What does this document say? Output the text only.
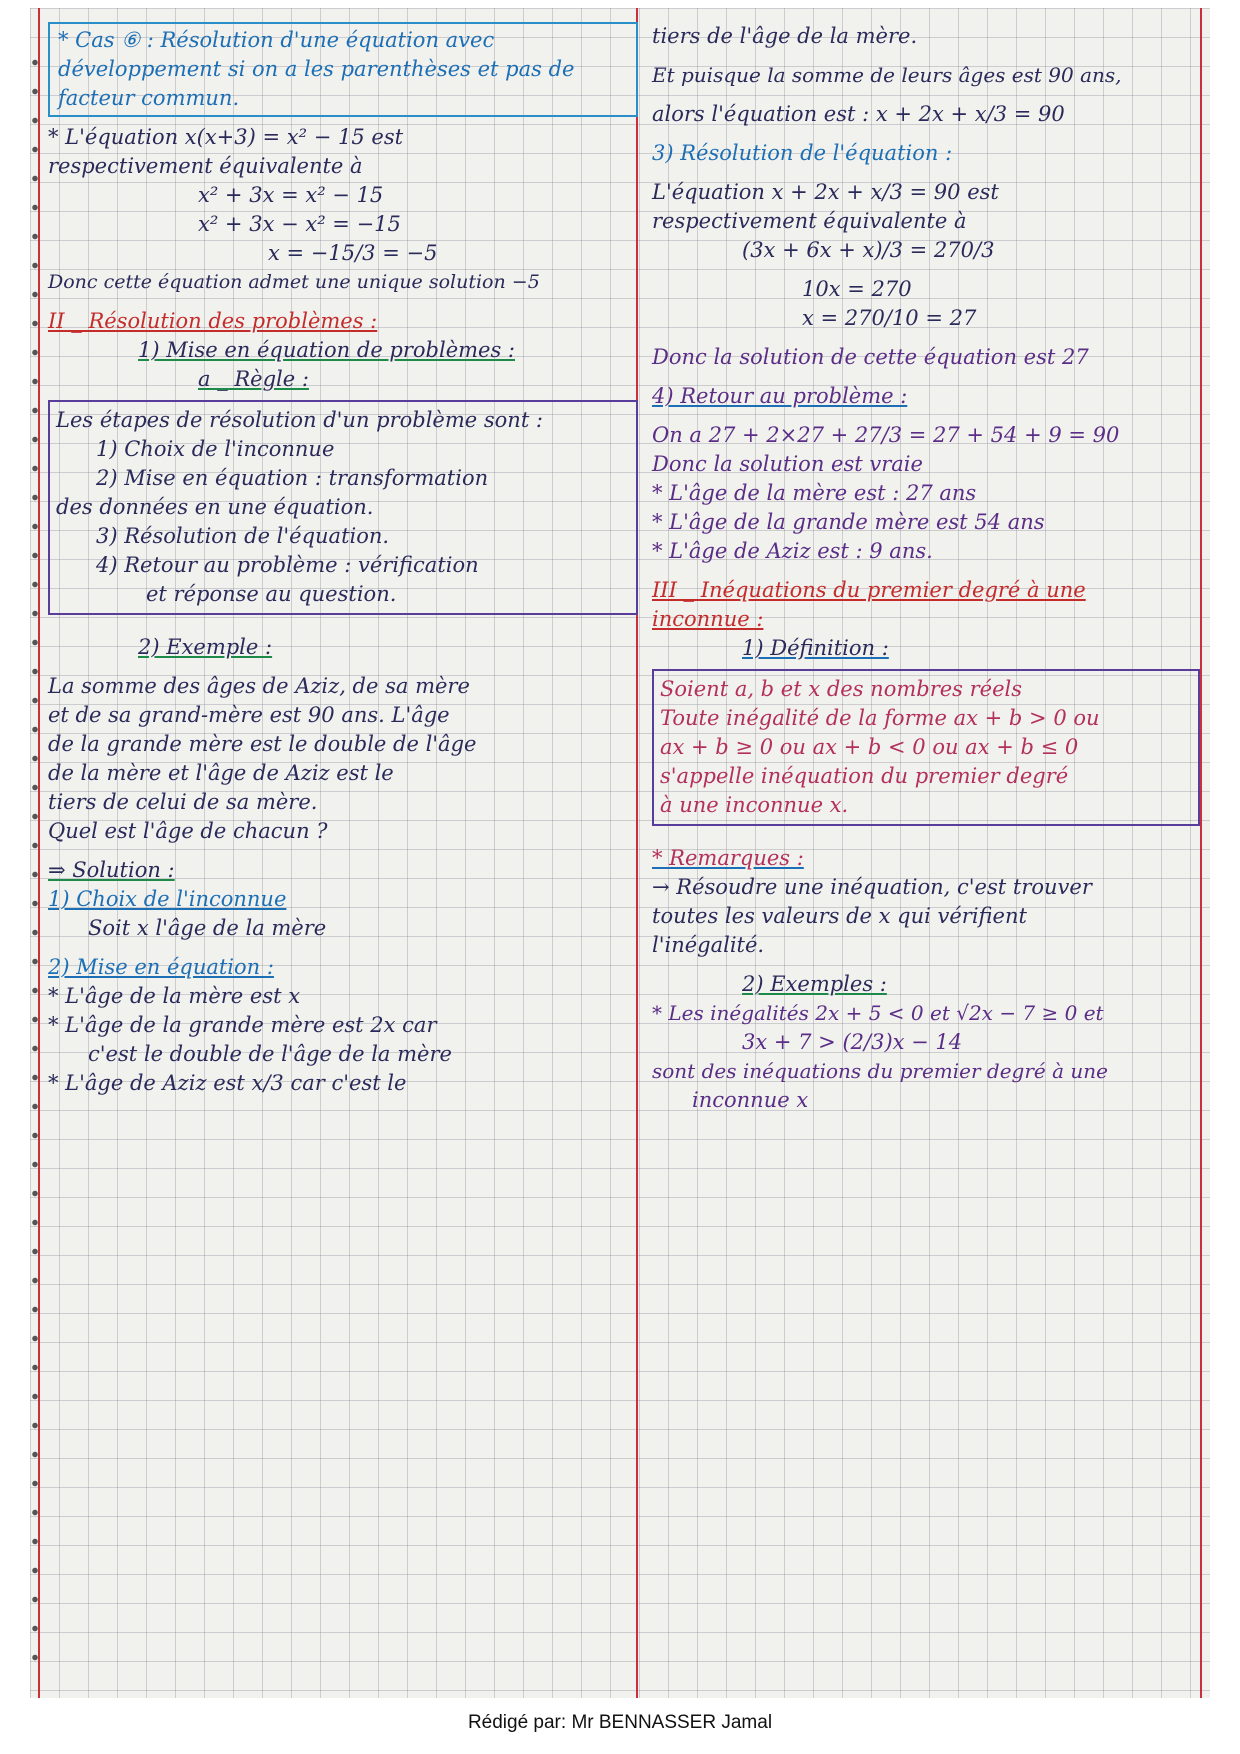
* Cas ⑥ : Résolution d'une équation avec
développement si on a les parenthèses et pas de
facteur commun.
* L'équation x(x+3) = x² − 15 est
respectivement équivalente à
x² + 3x = x² − 15
x² + 3x − x² = −15
x = −15/3 = −5
Donc cette équation admet une unique solution −5
II _ Résolution des problèmes :
1) Mise en équation de problèmes :
a _ Règle :
Les étapes de résolution d'un problème sont :
1) Choix de l'inconnue
2) Mise en équation : transformation
des données en une équation.
3) Résolution de l'équation.
4) Retour au problème : vérification
et réponse au question.
2) Exemple :
La somme des âges de Aziz, de sa mère
et de sa grand-mère est 90 ans. L'âge
de la grande mère est le double de l'âge
de la mère et l'âge de Aziz est le
tiers de celui de sa mère.
Quel est l'âge de chacun ?
⇒ Solution :
1) Choix de l'inconnue
Soit x l'âge de la mère
2) Mise en équation :
* L'âge de la mère est x
* L'âge de la grande mère est 2x car
c'est le double de l'âge de la mère
* L'âge de Aziz est x/3 car c'est le
tiers de l'âge de la mère.
Et puisque la somme de leurs âges est 90 ans,
alors l'équation est : x + 2x + x/3 = 90
3) Résolution de l'équation :
L'équation x + 2x + x/3 = 90 est
respectivement équivalente à
(3x + 6x + x)/3 = 270/3
10x = 270
x = 270/10 = 27
Donc la solution de cette équation est 27
4) Retour au problème :
On a 27 + 2×27 + 27/3 = 27 + 54 + 9 = 90
Donc la solution est vraie
* L'âge de la mère est : 27 ans
* L'âge de la grande mère est 54 ans
* L'âge de Aziz est : 9 ans.
III _ Inéquations du premier degré à une
inconnue :
1) Définition :
Soient a, b et x des nombres réels
Toute inégalité de la forme ax + b > 0 ou
ax + b ≥ 0 ou ax + b < 0 ou ax + b ≤ 0
s'appelle inéquation du premier degré
à une inconnue x.
* Remarques :
→ Résoudre une inéquation, c'est trouver
toutes les valeurs de x qui vérifient
l'inégalité.
2) Exemples :
* Les inégalités 2x + 5 < 0 et √2x − 7 ≥ 0 et
3x + 7 > (2/3)x − 14
sont des inéquations du premier degré à une
inconnue x
Rédigé par: Mr BENNASSER Jamal
